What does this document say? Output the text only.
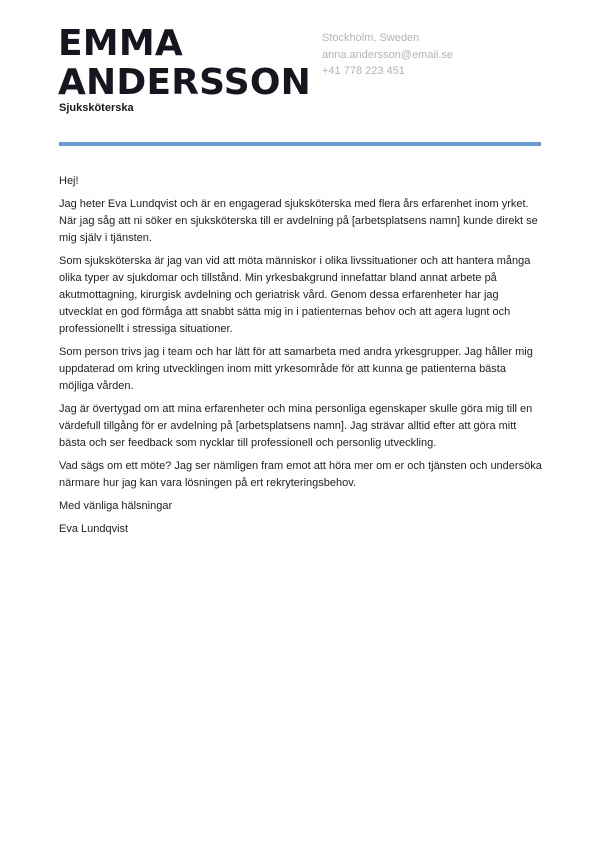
EMMA
ANDERSSON
Sjuksköterska
Stockholm, Sweden
anna.andersson@email.se
+41 778 223 451

Hej!

Jag heter Eva Lundqvist och är en engagerad sjuksköterska med flera års erfarenhet inom yrket. När jag såg att ni söker en sjuksköterska till er avdelning på [arbetsplatsens namn] kunde direkt se mig själv i tjänsten.

Som sjuksköterska är jag van vid att möta människor i olika livssituationer och att hantera många olika typer av sjukdomar och tillstånd. Min yrkesbakgrund innefattar bland annat arbete på akutmottagning, kirurgisk avdelning och geriatrisk vård. Genom dessa erfarenheter har jag utvecklat en god förmåga att snabbt sätta mig in i patienternas behov och att agera lugnt och professionellt i stressiga situationer.

Som person trivs jag i team och har lätt för att samarbeta med andra yrkesgrupper. Jag håller mig uppdaterad om kring utvecklingen inom mitt yrkesområde för att kunna ge patienterna bästa möjliga vården.

Jag är övertygad om att mina erfarenheter och mina personliga egenskaper skulle göra mig till en värdefull tillgång för er avdelning på [arbetsplatsens namn]. Jag strävar alltid efter att göra mitt bästa och ser feedback som nycklar till professionell och personlig utveckling.

Vad sägs om ett möte? Jag ser nämligen fram emot att höra mer om er och tjänsten och undersöka närmare hur jag kan vara lösningen på ert rekryteringsbehov.

Med vänliga hälsningar

Eva Lundqvist
